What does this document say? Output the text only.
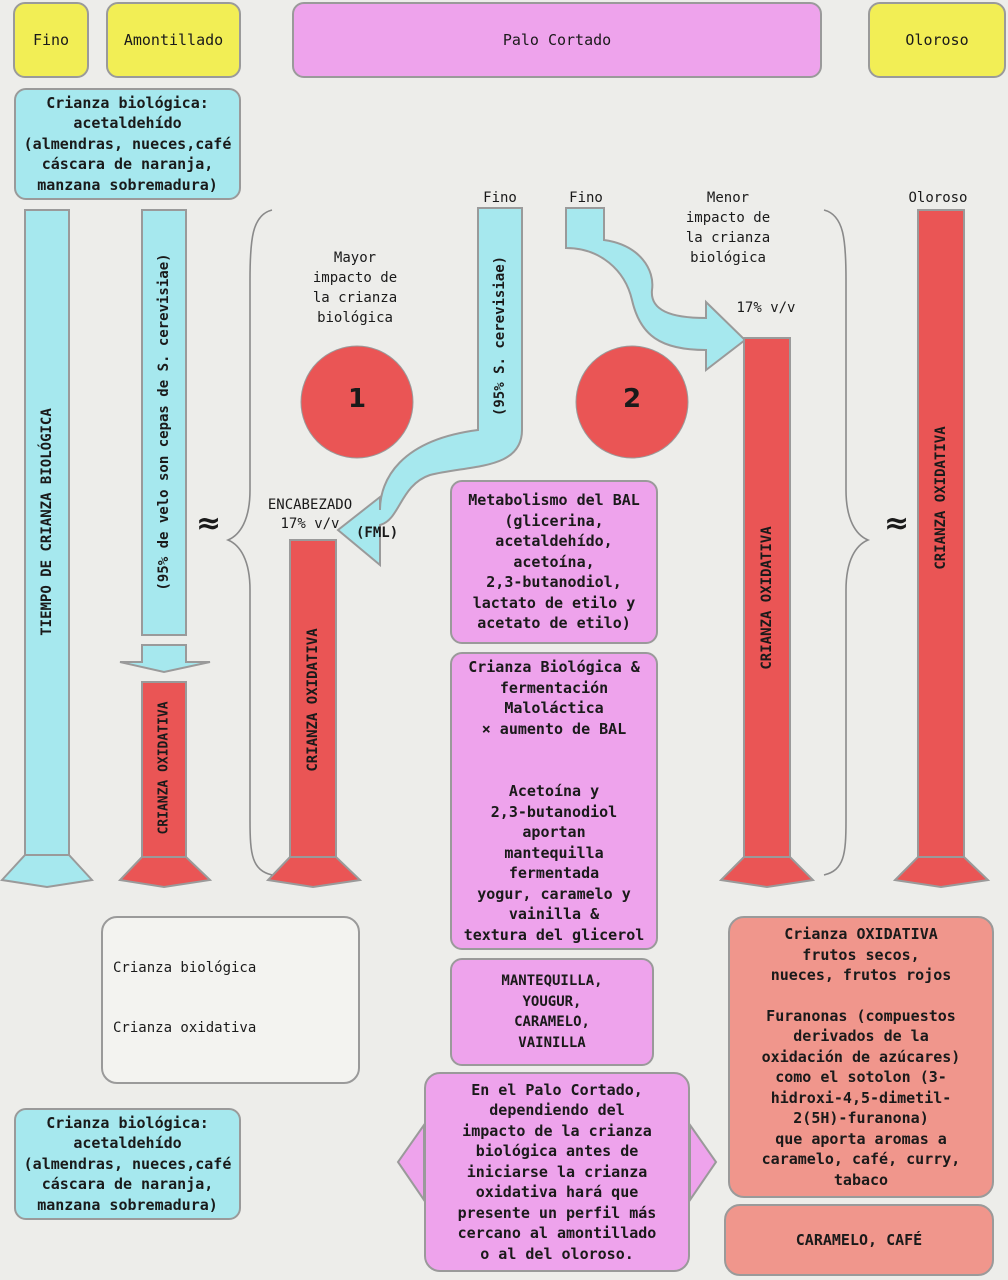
Fino	Amontillado	Palo Cortado	Oloroso
Crianza biológica:
acetaldehído
(almendras, nueces,café
cáscara de naranja,
manzana sobremadura)
TIEMPO DE CRIANZA BIOLÓGICA	(95% de velo son cepas de S. cerevisiae)
CRIANZA OXIDATIVA	CRIANZA OXIDATIVA
(95% S. cerevisiae)
CRIANZA OXIDATIVA
CRIANZA OXIDATIVA
≈	≈
Mayor
impacto de
la crianza
biológica
1
Fino
ENCABEZADO
17% v/v
(FML)
Fino	Menor
impacto de
la crianza
biológica
17% v/v
2
Oloroso
Metabolismo del BAL
(glicerina,
acetaldehído,
acetoína,
2,3-butanodiol,
lactato de etilo y
acetato de etilo)
Crianza Biológica &
fermentación
Maloláctica
× aumento de BAL
Acetoína y
2,3-butanodiol
aportan
mantequilla
fermentada
yogur, caramelo y
vainilla &
textura del glicerol
MANTEQUILLA,
YOUGUR,
CARAMELO,
VAINILLA
En el Palo Cortado,
dependiendo del
impacto de la crianza
biológica antes de
iniciarse la crianza
oxidativa hará que
presente un perfil más
cercano al amontillado
o al del oloroso.
Crianza biológica
Crianza oxidativa
Crianza biológica:
acetaldehído
(almendras, nueces,café
cáscara de naranja,
manzana sobremadura)
Crianza OXIDATIVA
frutos secos,
nueces, frutos rojos
Furanonas (compuestos
derivados de la
oxidación de azúcares)
como el sotolon (3-
hidroxi-4,5-dimetil-
2(5H)-furanona)
que aporta aromas a
caramelo, café, curry,
tabaco
CARAMELO, CAFÉ
